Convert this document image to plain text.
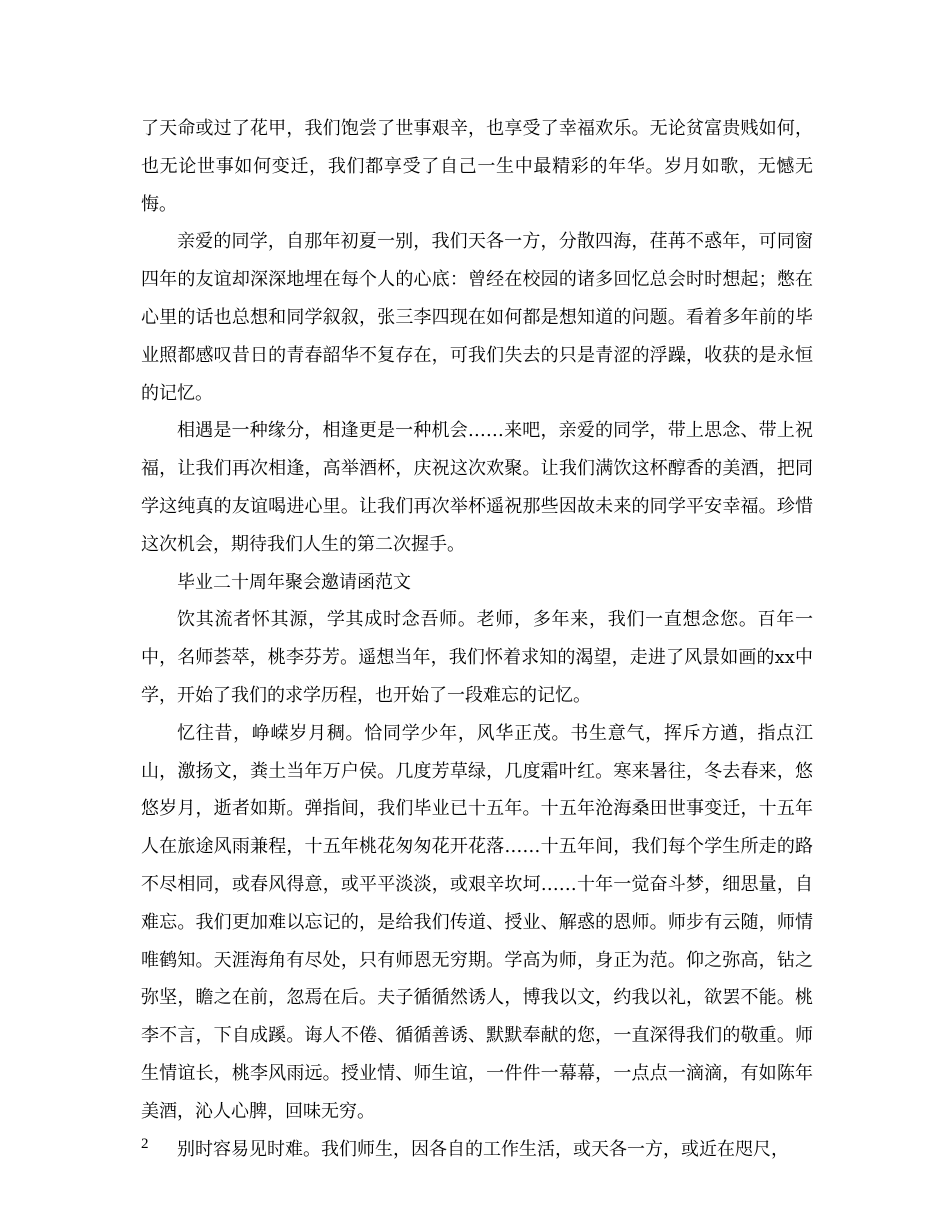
了天命或过了花甲，我们饱尝了世事艰辛，也享受了幸福欢乐。无论贫富贵贱如何，也无论世事如何变迁，我们都享受了自己一生中最精彩的年华。岁月如歌，无憾无悔。

亲爱的同学，自那年初夏一别，我们天各一方，分散四海，荏苒不惑年，可同窗四年的友谊却深深地埋在每个人的心底：曾经在校园的诸多回忆总会时时想起；憋在心里的话也总想和同学叙叙，张三李四现在如何都是想知道的问题。看着多年前的毕业照都感叹昔日的青春韶华不复存在，可我们失去的只是青涩的浮躁，收获的是永恒的记忆。

相遇是一种缘分，相逢更是一种机会……来吧，亲爱的同学，带上思念、带上祝福，让我们再次相逢，高举酒杯，庆祝这次欢聚。让我们满饮这杯醇香的美酒，把同学这纯真的友谊喝进心里。让我们再次举杯遥祝那些因故未来的同学平安幸福。珍惜这次机会，期待我们人生的第二次握手。

毕业二十周年聚会邀请函范文

饮其流者怀其源，学其成时念吾师。老师，多年来，我们一直想念您。百年一中，名师荟萃，桃李芬芳。遥想当年，我们怀着求知的渴望，走进了风景如画的xx中学，开始了我们的求学历程，也开始了一段难忘的记忆。

忆往昔，峥嵘岁月稠。恰同学少年，风华正茂。书生意气，挥斥方遒，指点江山，激扬文，粪土当年万户侯。几度芳草绿，几度霜叶红。寒来暑往，冬去春来，悠悠岁月，逝者如斯。弹指间，我们毕业已十五年。十五年沧海桑田世事变迁，十五年人在旅途风雨兼程，十五年桃花匆匆花开花落……十五年间，我们每个学生所走的路不尽相同，或春风得意，或平平淡淡，或艰辛坎坷……十年一觉奋斗梦，细思量，自难忘。我们更加难以忘记的，是给我们传道、授业、解惑的恩师。师步有云随，师情唯鹤知。天涯海角有尽处，只有师恩无穷期。学高为师，身正为范。仰之弥高，钻之弥坚，瞻之在前，忽焉在后。夫子循循然诱人，博我以文，约我以礼，欲罢不能。桃李不言，下自成蹊。诲人不倦、循循善诱、默默奉献的您，一直深得我们的敬重。师生情谊长，桃李风雨远。授业情、师生谊，一件件一幕幕，一点点一滴滴，有如陈年美酒，沁人心脾，回味无穷。

别时容易见时难。我们师生，因各自的工作生活，或天各一方，或近在咫尺，

2
